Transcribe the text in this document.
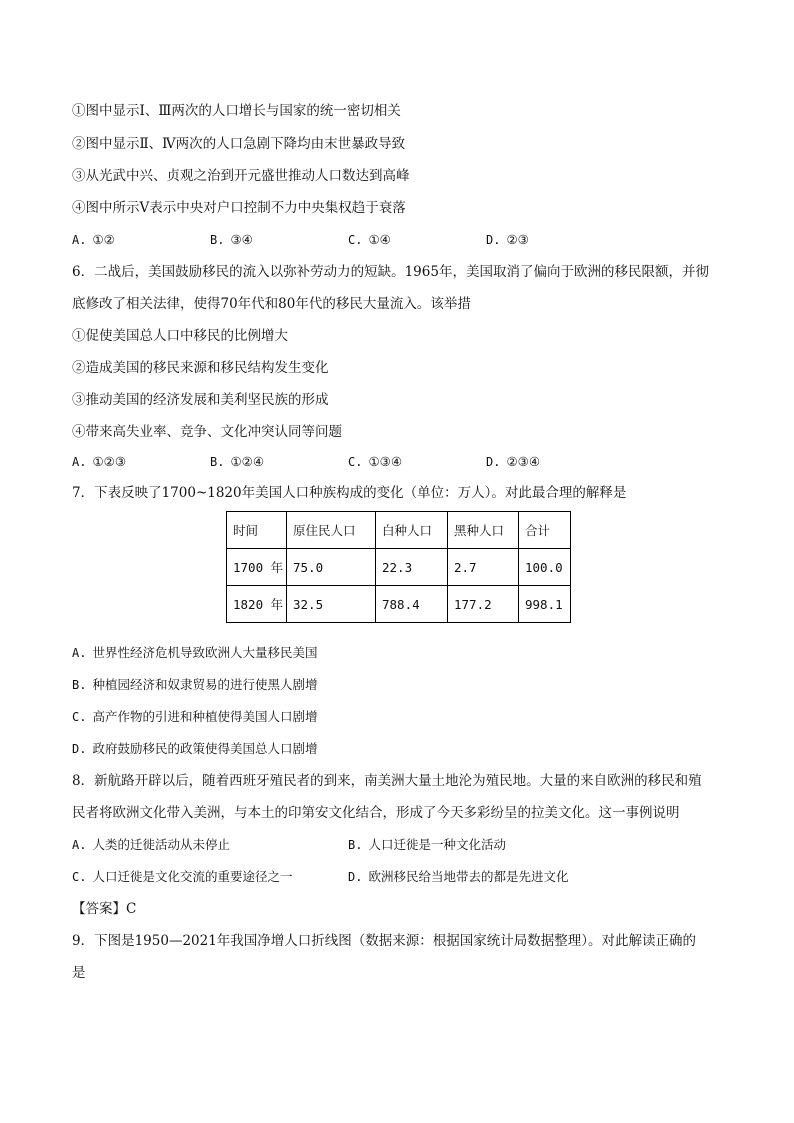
①图中显示Ⅰ、Ⅲ两次的人口增长与国家的统一密切相关
②图中显示Ⅱ、Ⅳ两次的人口急剧下降均由末世暴政导致
③从光武中兴、贞观之治到开元盛世推动人口数达到高峰
④图中所示Ⅴ表示中央对户口控制不力中央集权趋于衰落
A. ①②	B. ③④	C. ①④	D. ②③
6．二战后，美国鼓励移民的流入以弥补劳动力的短缺。1965年，美国取消了偏向于欧洲的移民限额，并彻
底修改了相关法律，使得70年代和80年代的移民大量流入。该举措
①促使美国总人口中移民的比例增大
②造成美国的移民来源和移民结构发生变化
③推动美国的经济发展和美利坚民族的形成
④带来高失业率、竞争、文化冲突认同等问题
A. ①②③	B. ①②④	C. ①③④	D. ②③④
7．下表反映了1700~1820年美国人口种族构成的变化（单位：万人）。对此最合理的解释是
时间	原住民人口	白种人口	黑种人口	合计
1700 年	75.0	22.3	2.7	100.0
1820 年	32.5	788.4	177.2	998.1
A. 世界性经济危机导致欧洲人大量移民美国
B. 种植园经济和奴隶贸易的进行使黑人剧增
C. 高产作物的引进和种植使得美国人口剧增
D. 政府鼓励移民的政策使得美国总人口剧增
8．新航路开辟以后，随着西班牙殖民者的到来，南美洲大量土地沦为殖民地。大量的来自欧洲的移民和殖
民者将欧洲文化带入美洲，与本土的印第安文化结合，形成了今天多彩纷呈的拉美文化。这一事例说明
A. 人类的迁徙活动从未停止	B. 人口迁徙是一种文化活动
C. 人口迁徙是文化交流的重要途径之一	D. 欧洲移民给当地带去的都是先进文化
【答案】C
9．下图是1950—2021年我国净增人口折线图（数据来源：根据国家统计局数据整理）。对此解读正确的
是
